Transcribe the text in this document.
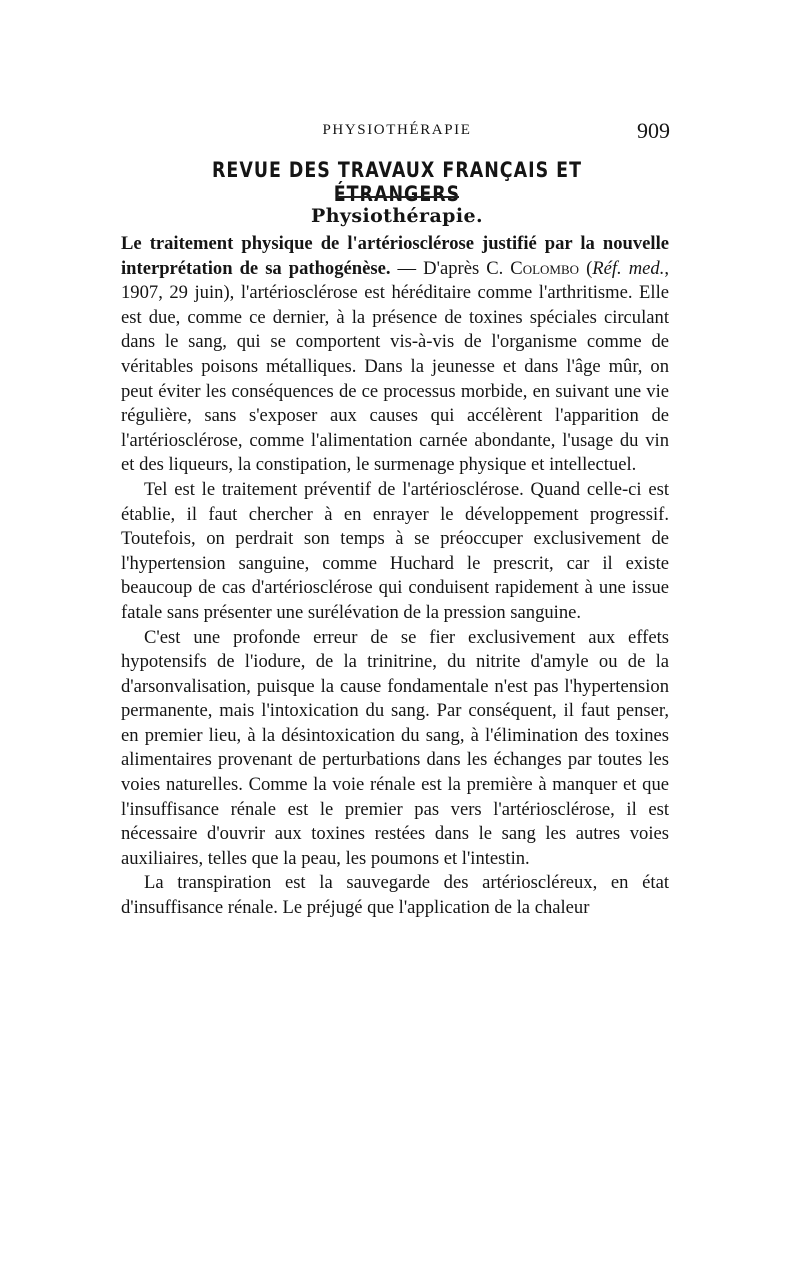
PHYSIOTHÉRAPIE	909
REVUE DES TRAVAUX FRANÇAIS ET ÉTRANGERS
Physiothérapie.

Le traitement physique de l'artériosclérose justifié par la nouvelle interprétation de sa pathogénèse. — D'après C. Colombo (Réf. med., 1907, 29 juin), l'artériosclérose est héréditaire comme l'arthritisme. Elle est due, comme ce dernier, à la présence de toxines spéciales circulant dans le sang, qui se comportent vis-à-vis de l'organisme comme de véritables poisons métalliques. Dans la jeunesse et dans l'âge mûr, on peut éviter les conséquences de ce processus morbide, en suivant une vie régulière, sans s'exposer aux causes qui accélèrent l'apparition de l'artériosclérose, comme l'alimentation carnée abondante, l'usage du vin et des liqueurs, la constipation, le surmenage physique et intellectuel.

Tel est le traitement préventif de l'artériosclérose. Quand celle-ci est établie, il faut chercher à en enrayer le développement progressif. Toutefois, on perdrait son temps à se préoccuper exclusivement de l'hypertension sanguine, comme Huchard le prescrit, car il existe beaucoup de cas d'artériosclérose qui conduisent rapidement à une issue fatale sans présenter une surélévation de la pression sanguine.

C'est une profonde erreur de se fier exclusivement aux effets hypotensifs de l'iodure, de la trinitrine, du nitrite d'amyle ou de la d'arsonvalisation, puisque la cause fondamentale n'est pas l'hypertension permanente, mais l'intoxication du sang. Par conséquent, il faut penser, en premier lieu, à la désintoxication du sang, à l'élimination des toxines alimentaires provenant de perturbations dans les échanges par toutes les voies naturelles. Comme la voie rénale est la première à manquer et que l'insuffisance rénale est le premier pas vers l'artériosclérose, il est nécessaire d'ouvrir aux toxines restées dans le sang les autres voies auxiliaires, telles que la peau, les poumons et l'intestin.

La transpiration est la sauvegarde des artérioscléreux, en état d'insuffisance rénale. Le préjugé que l'application de la chaleur
